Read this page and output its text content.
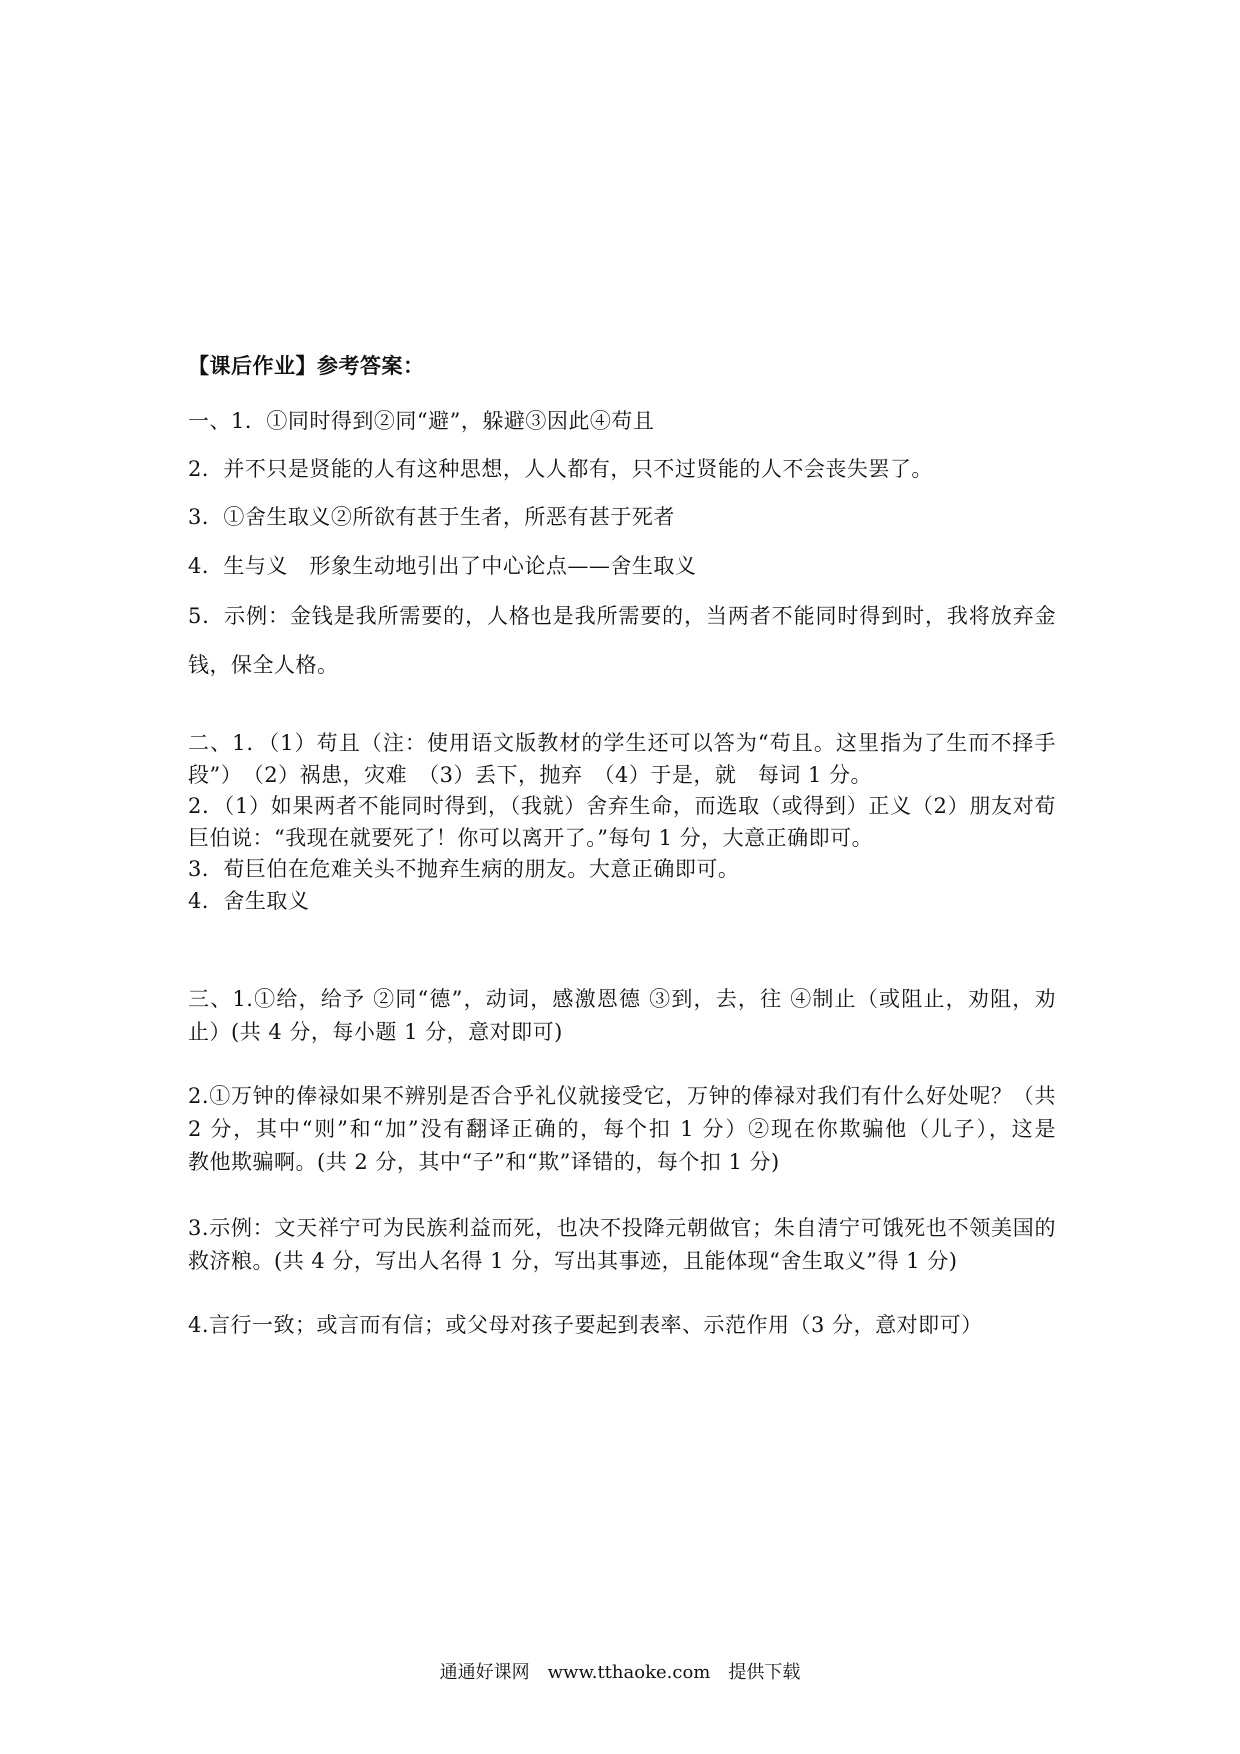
【课后作业】参考答案：
一、1．①同时得到②同“避”，躲避③因此④苟且
2．并不只是贤能的人有这种思想，人人都有，只不过贤能的人不会丧失罢了。
3．①舍生取义②所欲有甚于生者，所恶有甚于死者
4．生与义　形象生动地引出了中心论点——舍生取义
5．示例：金钱是我所需要的，人格也是我所需要的，当两者不能同时得到时，我将放弃金
钱，保全人格。
二、1．（1）苟且（注：使用语文版教材的学生还可以答为“苟且。这里指为了生而不择手
段”）　（2）祸患，灾难　（3）丢下，抛弃　（4）于是，就　每词 1 分。
2．（1）如果两者不能同时得到，（我就）舍弃生命，而选取（或得到）正义（2）朋友对荀
巨伯说：“我现在就要死了！你可以离开了。”每句 1 分，大意正确即可。
3．荀巨伯在危难关头不抛弃生病的朋友。大意正确即可。
4．舍生取义
三、1.①给，给予 ②同“德”，动词，感激恩德 ③到，去，往 ④制止（或阻止，劝阻，劝
止）(共 4 分，每小题 1 分，意对即可)
2.①万钟的俸禄如果不辨别是否合乎礼仪就接受它，万钟的俸禄对我们有什么好处呢？（共
2 分，其中“则”和“加”没有翻译正确的，每个扣 1 分）②现在你欺骗他（儿子），这是
教他欺骗啊。(共 2 分，其中“子”和“欺”译错的，每个扣 1 分)
3.示例：文天祥宁可为民族利益而死，也决不投降元朝做官；朱自清宁可饿死也不领美国的
救济粮。(共 4 分，写出人名得 1 分，写出其事迹，且能体现“舍生取义”得 1 分)
4.言行一致；或言而有信；或父母对孩子要起到表率、示范作用（3 分，意对即可）
通通好课网　www.tthaoke.com　提供下载
